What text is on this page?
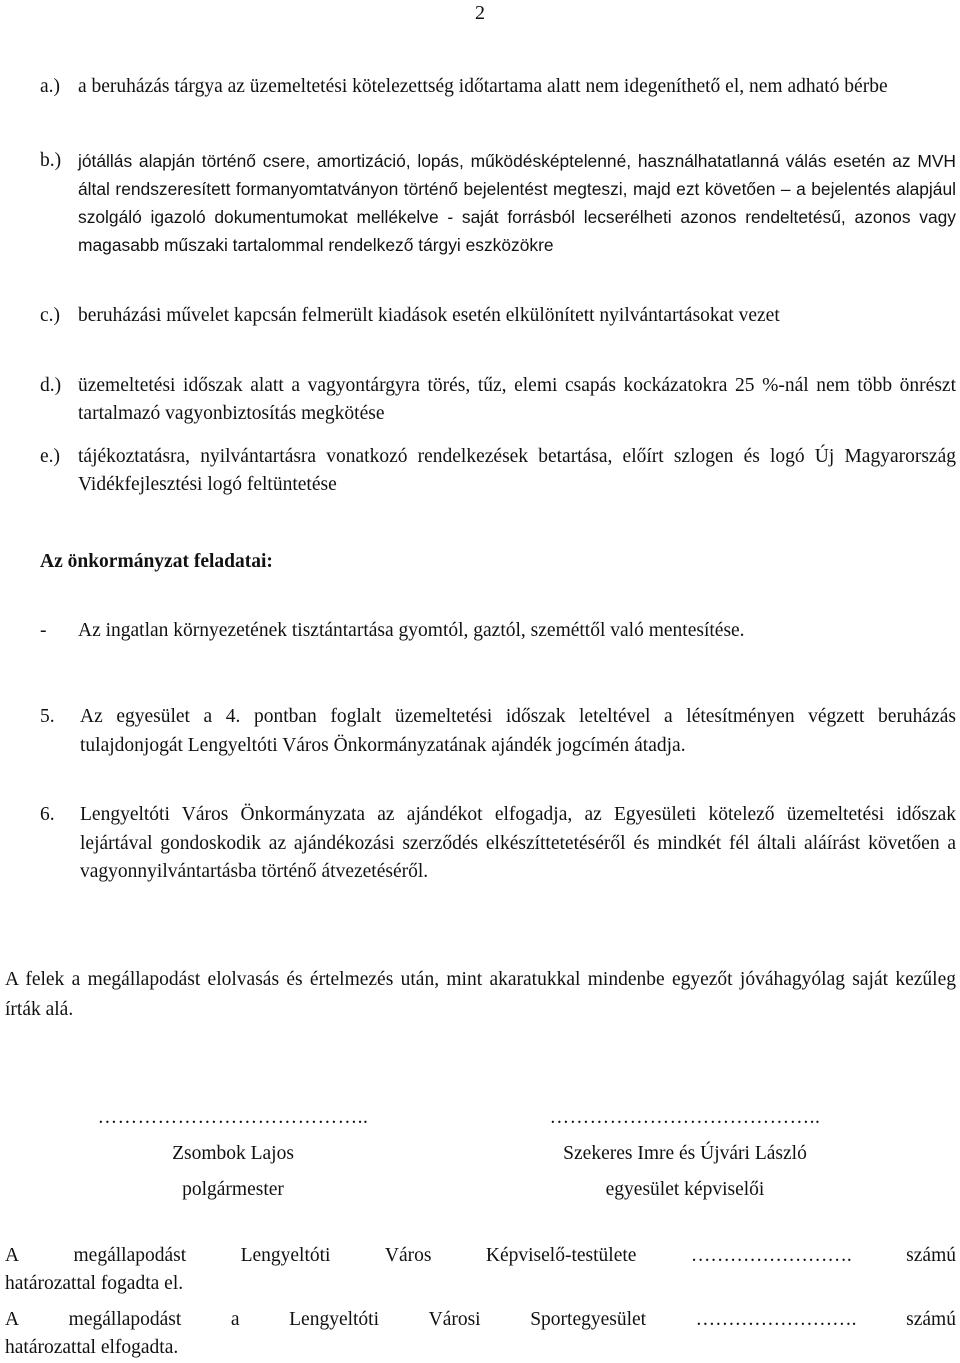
2
a.) a beruházás tárgya az üzemeltetési kötelezettség időtartama alatt nem idegeníthető el, nem adható bérbe
b.) jótállás alapján történő csere, amortizáció, lopás, működésképtelenné, használhatatlanná válás esetén az MVH által rendszeresített formanyomtatványon történő bejelentést megteszi, majd ezt követően – a bejelentés alapjául szolgáló igazoló dokumentumokat mellékelve - saját forrásból lecserélheti azonos rendeltetésű, azonos vagy magasabb műszaki tartalommal rendelkező tárgyi eszközökre
c.) beruházási művelet kapcsán felmerült kiadások esetén elkülönített nyilvántartásokat vezet
d.) üzemeltetési időszak alatt a vagyontárgyra törés, tűz, elemi csapás kockázatokra 25 %-nál nem több önrészt tartalmazó vagyonbiztosítás megkötése
e.) tájékoztatásra, nyilvántartásra vonatkozó rendelkezések betartása, előírt szlogen és logó Új Magyarország Vidékfejlesztési logó feltüntetése
Az önkormányzat feladatai:
- Az ingatlan környezetének tisztántartása gyomtól, gaztól, szeméttől való mentesítése.
5. Az egyesület a 4. pontban foglalt üzemeltetési időszak leteltével a létesítményen végzett beruházás tulajdonjogát Lengyeltóti Város Önkormányzatának ajándék jogcímén átadja.
6. Lengyeltóti Város Önkormányzata az ajándékot elfogadja, az Egyesületi kötelező üzemeltetési időszak lejártával gondoskodik az ajándékozási szerződés elkészíttetetéséről és mindkét fél általi aláírást követően a vagyonnyilvántartásba történő átvezetéséről.
A felek a megállapodást elolvasás és értelmezés után, mint akaratukkal mindenbe egyezőt jóváhagyólag saját kezűleg írták alá.
…………………………………..
Zsombok Lajos
polgármester
…………………………………..
Szekeres Imre és Újvári László
egyesület képviselői
A	megállapodást	Lengyeltóti	Város	Képviselő-testülete	…………………….	számú
határozattal fogadta el.
A	megállapodást	a	Lengyeltóti	Városi	Sportegyesület	…………………….	számú
határozattal elfogadta.
